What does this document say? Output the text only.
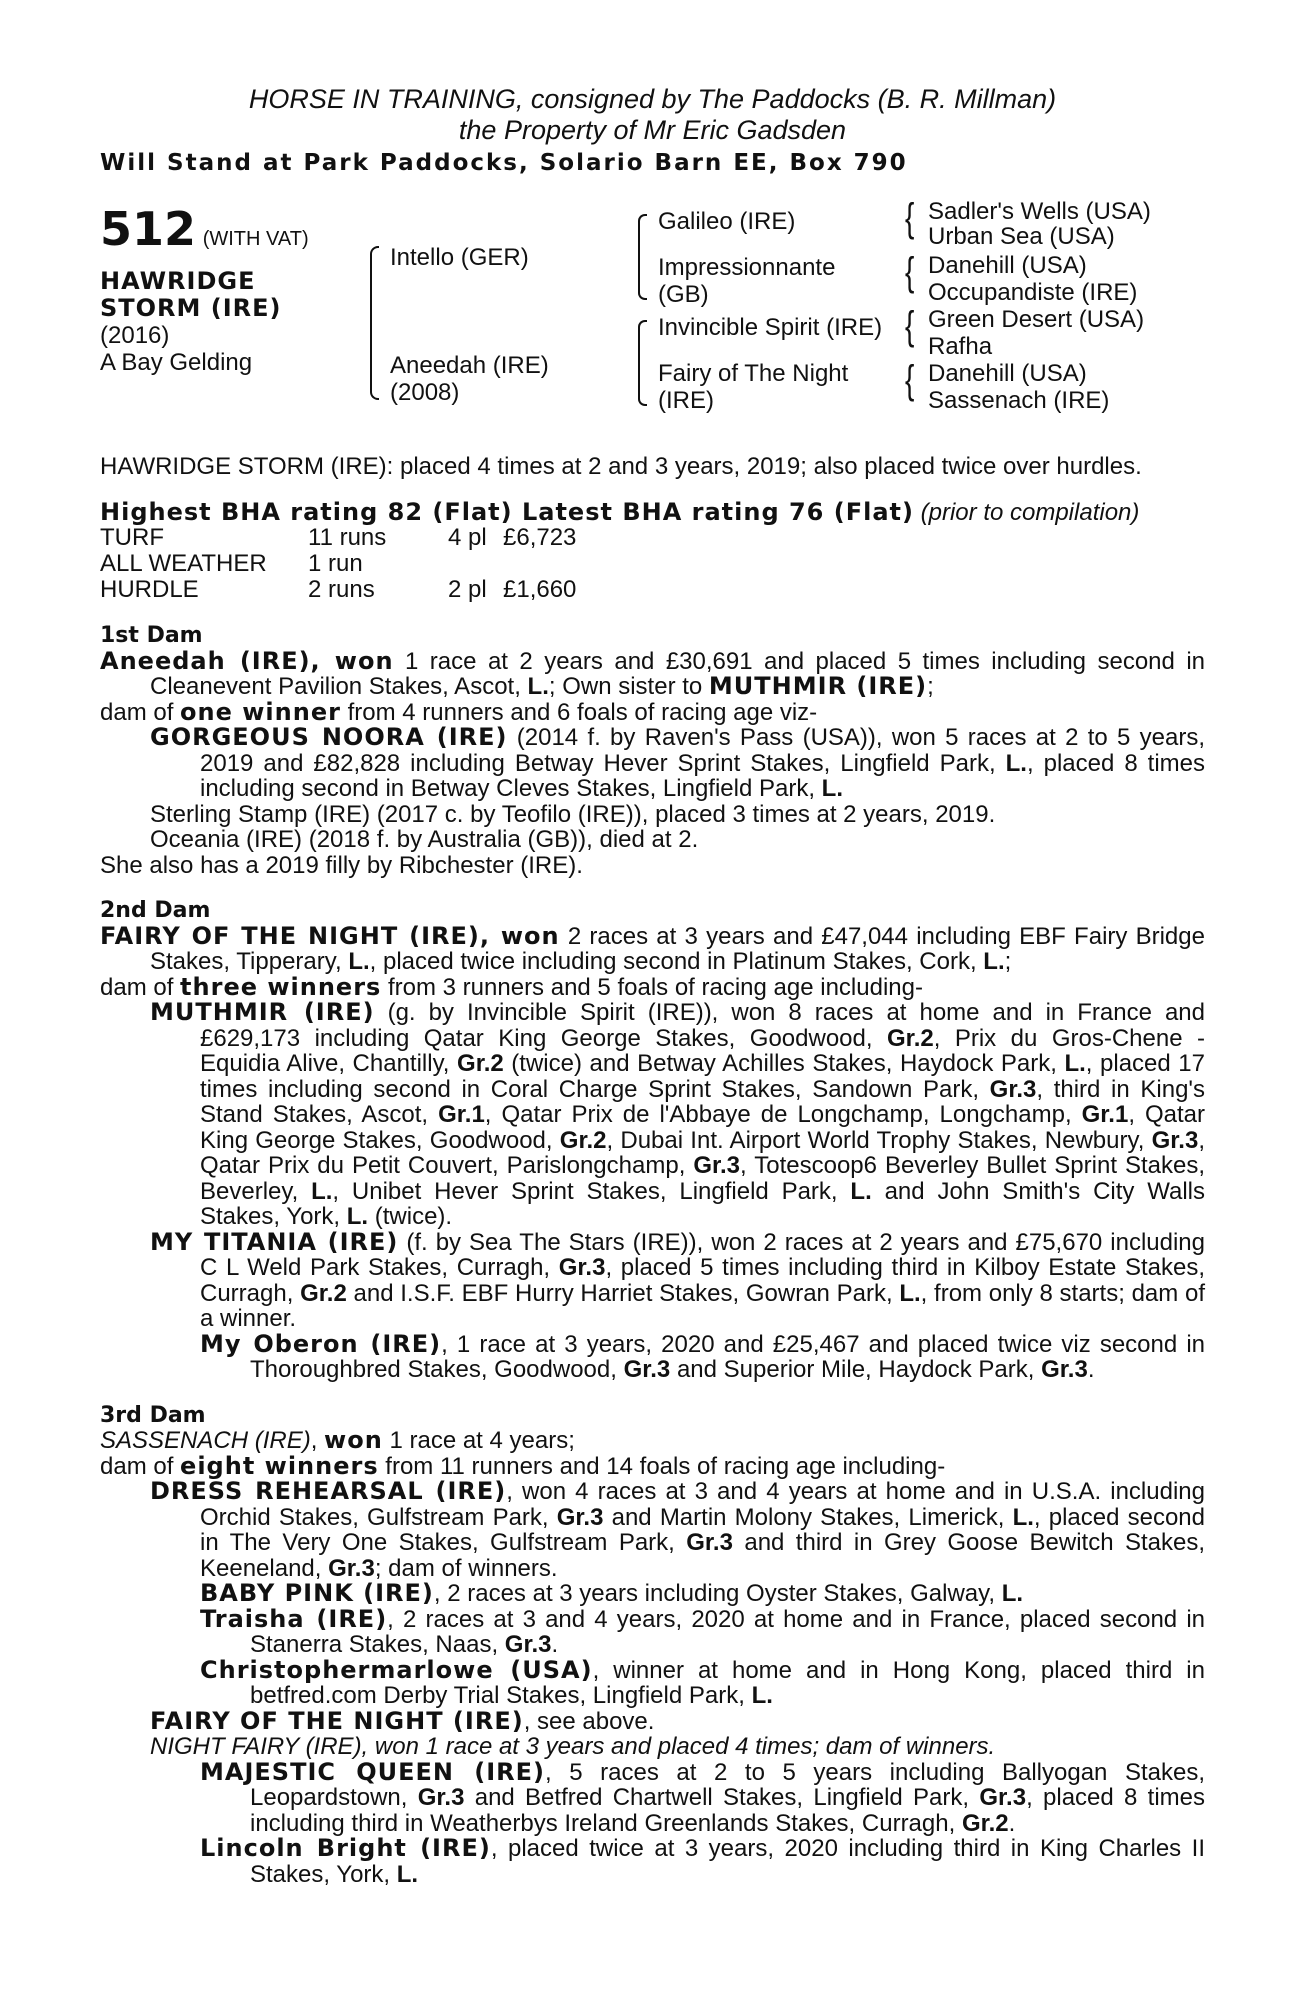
HORSE IN TRAINING, consigned by The Paddocks (B. R. Millman)
the Property of Mr Eric Gadsden
Will Stand at Park Paddocks, Solario Barn EE, Box 790
512 (WITH VAT)
HAWRIDGE
STORM (IRE)
(2016)
A Bay Gelding
Intello (GER)
Aneedah (IRE)
(2008)
Galileo (IRE)
Impressionnante
(GB)
Invincible Spirit (IRE)
Fairy of The Night
(IRE)
{ Sadler's Wells (USA)
Urban Sea (USA)
{ Danehill (USA)
Occupandiste (IRE)
{ Green Desert (USA)
Rafha
{ Danehill (USA)
Sassenach (IRE)
HAWRIDGE STORM (IRE): placed 4 times at 2 and 3 years, 2019; also placed twice over hurdles.
Highest BHA rating 82 (Flat) Latest BHA rating 76 (Flat) (prior to compilation)
TURF	11 runs	4 pl £6,723
ALL WEATHER	1 run
HURDLE	2 runs	2 pl £1,660
1st Dam

Aneedah (IRE), won 1 race at 2 years and £30,691 and placed 5 times including second in Cleanevent Pavilion Stakes, Ascot, L.; Own sister to MUTHMIR (IRE);

dam of one winner from 4 runners and 6 foals of racing age viz-

GORGEOUS NOORA (IRE) (2014 f. by Raven's Pass (USA)), won 5 races at 2 to 5 years, 2019 and £82,828 including Betway Hever Sprint Stakes, Lingfield Park, L., placed 8 times including second in Betway Cleves Stakes, Lingfield Park, L.

Sterling Stamp (IRE) (2017 c. by Teofilo (IRE)), placed 3 times at 2 years, 2019.

Oceania (IRE) (2018 f. by Australia (GB)), died at 2.

She also has a 2019 filly by Ribchester (IRE).

2nd Dam

FAIRY OF THE NIGHT (IRE), won 2 races at 3 years and £47,044 including EBF Fairy Bridge Stakes, Tipperary, L., placed twice including second in Platinum Stakes, Cork, L.;

dam of three winners from 3 runners and 5 foals of racing age including-

MUTHMIR (IRE) (g. by Invincible Spirit (IRE)), won 8 races at home and in France and £629,173 including Qatar King George Stakes, Goodwood, Gr.2, Prix du Gros-Chene - Equidia Alive, Chantilly, Gr.2 (twice) and Betway Achilles Stakes, Haydock Park, L., placed 17 times including second in Coral Charge Sprint Stakes, Sandown Park, Gr.3, third in King's Stand Stakes, Ascot, Gr.1, Qatar Prix de l'Abbaye de Longchamp, Longchamp, Gr.1, Qatar King George Stakes, Goodwood, Gr.2, Dubai Int. Airport World Trophy Stakes, Newbury, Gr.3, Qatar Prix du Petit Couvert, Parislongchamp, Gr.3, Totescoop6 Beverley Bullet Sprint Stakes, Beverley, L., Unibet Hever Sprint Stakes, Lingfield Park, L. and John Smith's City Walls Stakes, York, L. (twice).

MY TITANIA (IRE) (f. by Sea The Stars (IRE)), won 2 races at 2 years and £75,670 including C L Weld Park Stakes, Curragh, Gr.3, placed 5 times including third in Kilboy Estate Stakes, Curragh, Gr.2 and I.S.F. EBF Hurry Harriet Stakes, Gowran Park, L., from only 8 starts; dam of a winner.

My Oberon (IRE), 1 race at 3 years, 2020 and £25,467 and placed twice viz second in Thoroughbred Stakes, Goodwood, Gr.3 and Superior Mile, Haydock Park, Gr.3.

3rd Dam

SASSENACH (IRE), won 1 race at 4 years;

dam of eight winners from 11 runners and 14 foals of racing age including-

DRESS REHEARSAL (IRE), won 4 races at 3 and 4 years at home and in U.S.A. including Orchid Stakes, Gulfstream Park, Gr.3 and Martin Molony Stakes, Limerick, L., placed second in The Very One Stakes, Gulfstream Park, Gr.3 and third in Grey Goose Bewitch Stakes, Keeneland, Gr.3; dam of winners.

BABY PINK (IRE), 2 races at 3 years including Oyster Stakes, Galway, L.

Traisha (IRE), 2 races at 3 and 4 years, 2020 at home and in France, placed second in Stanerra Stakes, Naas, Gr.3.

Christophermarlowe (USA), winner at home and in Hong Kong, placed third in betfred.com Derby Trial Stakes, Lingfield Park, L.

FAIRY OF THE NIGHT (IRE), see above.

NIGHT FAIRY (IRE), won 1 race at 3 years and placed 4 times; dam of winners.

MAJESTIC QUEEN (IRE), 5 races at 2 to 5 years including Ballyogan Stakes, Leopardstown, Gr.3 and Betfred Chartwell Stakes, Lingfield Park, Gr.3, placed 8 times including third in Weatherbys Ireland Greenlands Stakes, Curragh, Gr.2.

Lincoln Bright (IRE), placed twice at 3 years, 2020 including third in King Charles II Stakes, York, L.
